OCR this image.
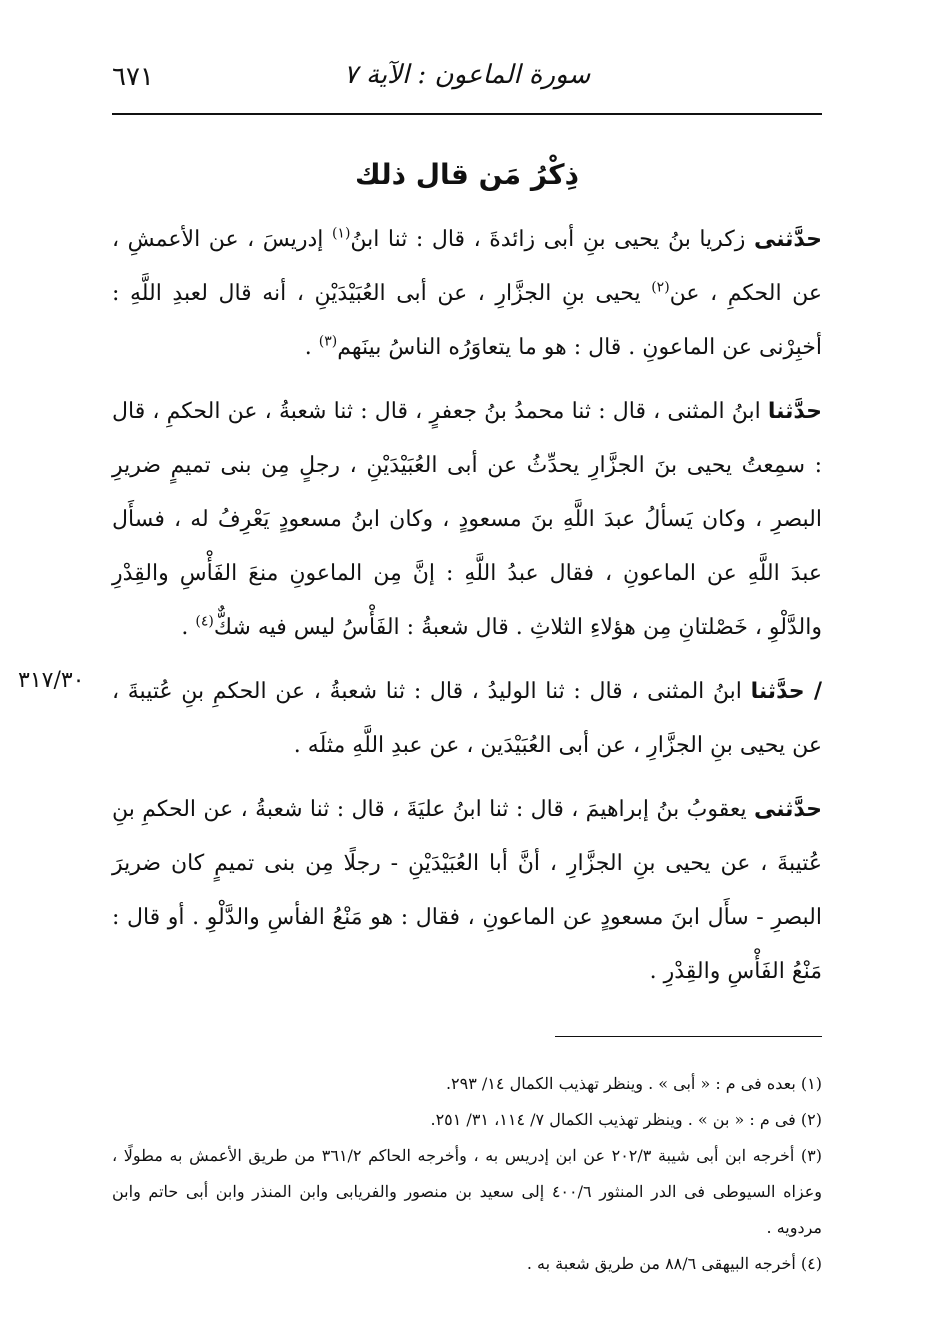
٦٧١	سورة الماعون : الآية ٧
ذِكْرُ مَن قال ذلك

حدَّثنى زكريا بنُ يحيى بنِ أبى زائدةَ ، قال : ثنا ابنُ$^{(١)}$ إدريسَ ، عن الأعمشِ ، عن الحكمِ ، عن$^{(٢)}$ يحيى بنِ الجزَّارِ ، عن أبى العُبَيْدَيْنِ ، أنه قال لعبدِ اللَّهِ : أخبِرْنى عن الماعونِ . قال : هو ما يتعاوَرُه الناسُ بينَهم$^{(٣)}$ .

حدَّثنا ابنُ المثنى ، قال : ثنا محمدُ بنُ جعفرٍ ، قال : ثنا شعبةُ ، عن الحكمِ ، قال : سمِعتُ يحيى بنَ الجزَّارِ يحدِّثُ عن أبى العُبَيْدَيْنِ ، رجلٍ مِن بنى تميمٍ ضريرِ البصرِ ، وكان يَسألُ عبدَ اللَّهِ بنَ مسعودٍ ، وكان ابنُ مسعودٍ يَعْرِفُ له ، فسأَل عبدَ اللَّهِ عن الماعونِ ، فقال عبدُ اللَّهِ : إنَّ مِن الماعونِ منعَ الفَأْسِ والقِدْرِ والدَّلْوِ ، خَصْلتانِ مِن هؤلاءِ الثلاثِ . قال شعبةُ : الفَأْسُ ليس فيه شكٌّ$^{(٤)}$ .

/ حدَّثنا ابنُ المثنى ، قال : ثنا الوليدُ ، قال : ثنا شعبةُ ، عن الحكمِ بنِ عُتيبةَ ، عن يحيى بنِ الجزَّارِ ، عن أبى العُبَيْدَين ، عن عبدِ اللَّهِ مثلَه .

حدَّثنى يعقوبُ بنُ إبراهيمَ ، قال : ثنا ابنُ عليَةَ ، قال : ثنا شعبةُ ، عن الحكمِ بنِ عُتيبةَ ، عن يحيى بنِ الجزَّارِ ، أنَّ أبا العُبَيْدَيْنِ - رجلًا مِن بنى تميمٍ كان ضريرَ البصرِ - سأَل ابنَ مسعودٍ عن الماعونِ ، فقال : هو مَنْعُ الفأسِ والدَّلْوِ . أو قال : مَنْعُ الفَأْسِ والقِدْرِ .

٣١٧/٣٠

(١) بعده فى م : « أبى » . وينظر تهذيب الكمال ١٤/ ٢٩٣.

(٢) فى م : « بن » . وينظر تهذيب الكمال ٧/ ١١٤، ٣١/ ٢٥١.

(٣) أخرجه ابن أبى شيبة ٢٠٢/٣ عن ابن إدريس به ، وأخرجه الحاكم ٣٦١/٢ من طريق الأعمش به مطولًا ، وعزاه السيوطى فى الدر المنثور ٤٠٠/٦ إلى سعيد بن منصور والفريابى وابن المنذر وابن أبى حاتم وابن مردويه .

(٤) أخرجه البيهقى ٨٨/٦ من طريق شعبة به .
